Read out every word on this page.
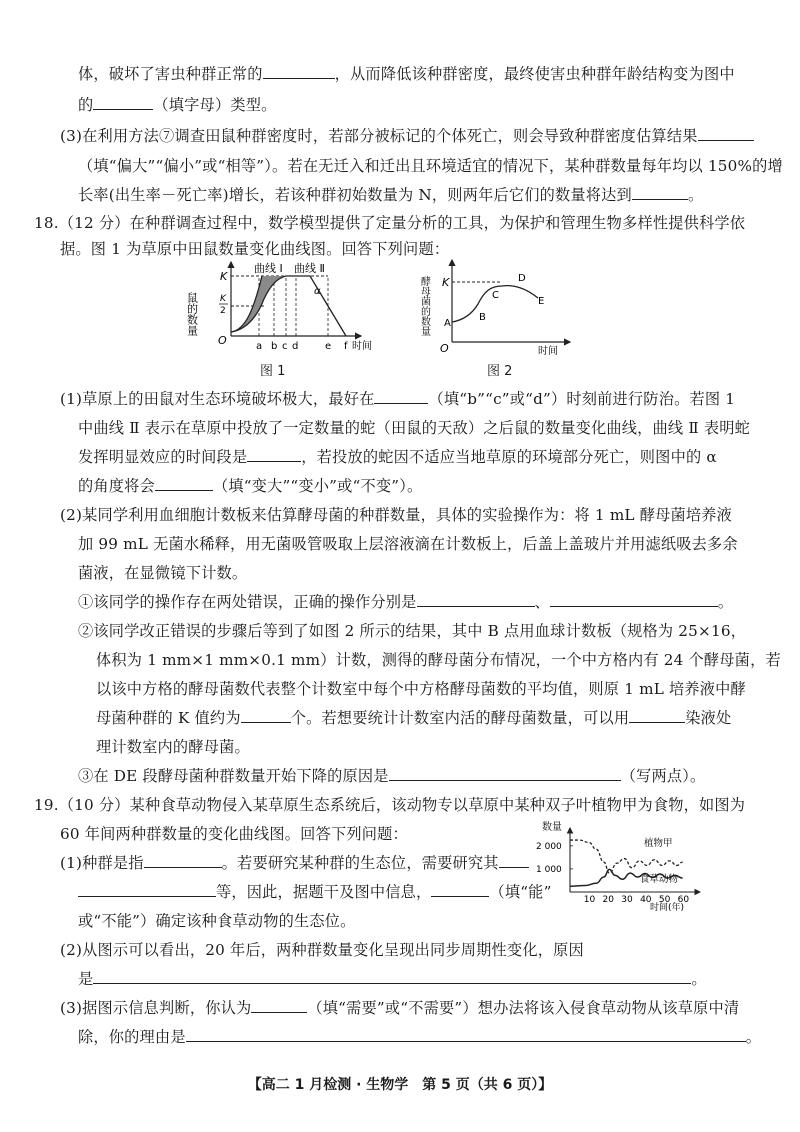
体，破坏了害虫种群正常的	，从而降低该种群密度，最终使害虫种群年龄结构变为图中
的	（填字母）类型。
(3)在利用方法⑦调查田鼠种群密度时，若部分被标记的个体死亡，则会导致种群密度估算结果
（填“偏大”“偏小”或“相等”）。若在无迁入和迁出且环境适宜的情况下，某种群数量每年均以 150%的增
长率(出生率－死亡率)增长，若该种群初始数量为 N，则两年后它们的数量将达到	。
18.（12 分）在种群调查过程中，数学模型提供了定量分析的工具，为保护和管理生物多样性提供科学依
据。图 1 为草原中田鼠数量变化曲线图。回答下列问题：
鼠的数量
K
K
2
O
曲线 Ⅰ 曲线 Ⅱ
α
a b c d	e f 时间
图 1
酵母菌的数量 K
O
A
B
C
D
E
时间
图 2
(1)草原上的田鼠对生态环境破坏极大，最好在	（填“b”“c”或“d”）时刻前进行防治。若图 1
中曲线 Ⅱ 表示在草原中投放了一定数量的蛇（田鼠的天敌）之后鼠的数量变化曲线，曲线 Ⅱ 表明蛇
发挥明显效应的时间段是	，若投放的蛇因不适应当地草原的环境部分死亡，则图中的 α
的角度将会	（填“变大”“变小”或“不变”）。
(2)某同学利用血细胞计数板来估算酵母菌的种群数量，具体的实验操作为：将 1 mL 酵母菌培养液
加 99 mL 无菌水稀释，用无菌吸管吸取上层溶液滴在计数板上，后盖上盖玻片并用滤纸吸去多余
菌液，在显微镜下计数。
①该同学的操作存在两处错误，正确的操作分别是	、	。
②该同学改正错误的步骤后等到了如图 2 所示的结果，其中 B 点用血球计数板（规格为 25×16，
体积为 1 mm×1 mm×0.1 mm）计数，测得的酵母菌分布情况，一个中方格内有 24 个酵母菌，若
以该中方格的酵母菌数代表整个计数室中每个中方格酵母菌数的平均值，则原 1 mL 培养液中酵
母菌种群的 K 值约为	个。若想要统计计数室内活的酵母菌数量，可以用	染液处
理计数室内的酵母菌。
③在 DE 段酵母菌种群数量开始下降的原因是	（写两点）。
19.（10 分）某种食草动物侵入某草原生态系统后，该动物专以草原中某种双子叶植物甲为食物，如图为
60 年间两种群数量的变化曲线图。回答下列问题：
(1)种群是指	。若要研究某种群的生态位，需要研究其
等，因此，据题干及图中信息，	（填“能”
或“不能”）确定该种食草动物的生态位。
(2)从图示可以看出，20 年后，两种群数量变化呈现出同步周期性变化，原因
是	。
(3)据图示信息判断，你认为	（填“需要”或“不需要”）想办法将该入侵食草动物从该草原中清
除，你的理由是	。
数量
时间(年)
1 000
2 000
10 20 30 40 50 60
植物甲
食草动物
【高二 1 月检测 · 生物学　第 5 页（共 6 页）】
